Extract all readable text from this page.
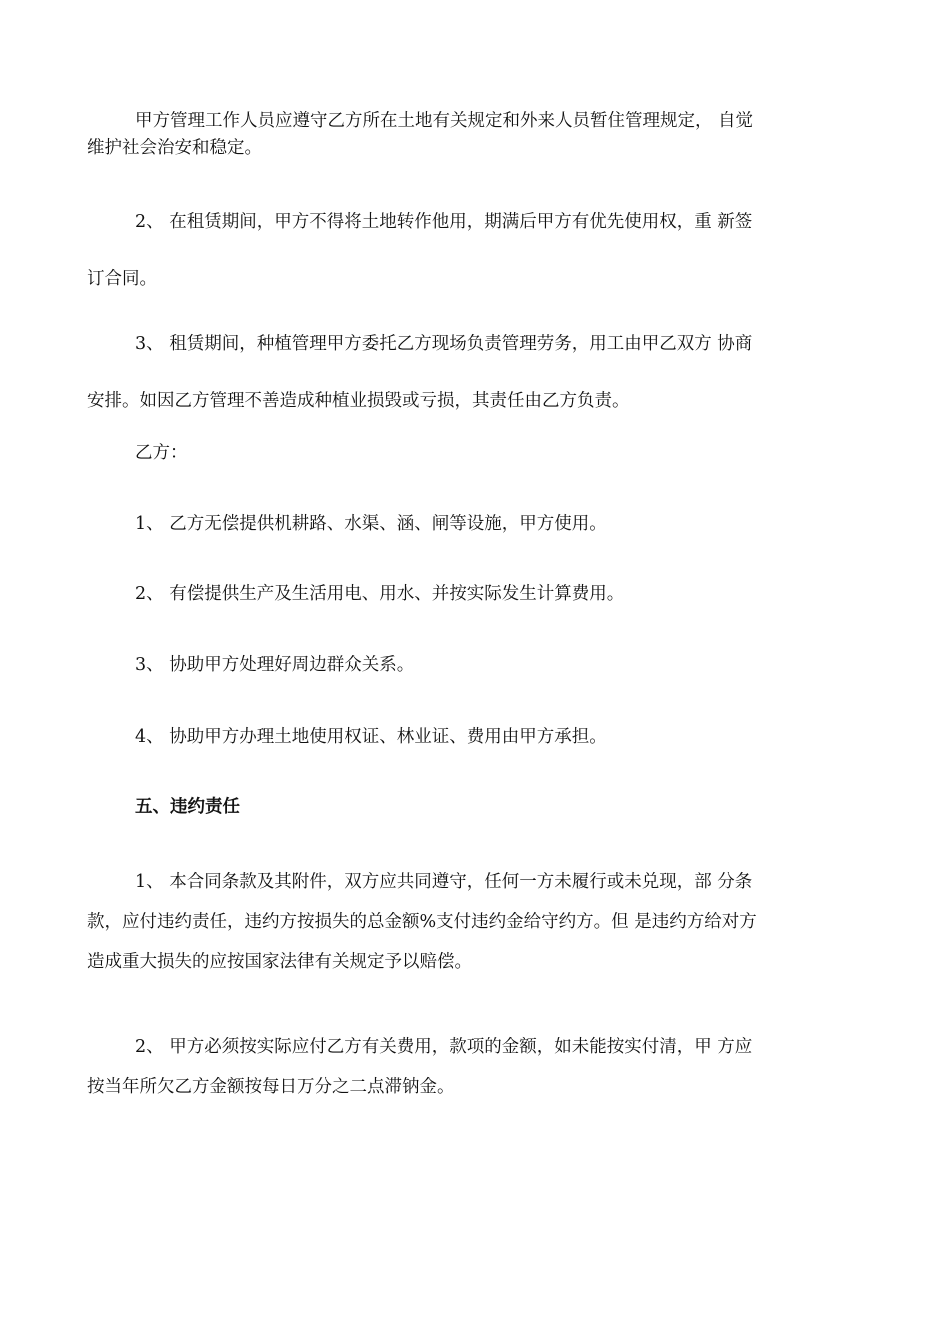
甲方管理工作人员应遵守乙方所在土地有关规定和外来人员暂住管理规定， 自觉
维护社会治安和稳定。
2、 在租赁期间，甲方不得将土地转作他用，期满后甲方有优先使用权，重 新签
订合同。
3、 租赁期间，种植管理甲方委托乙方现场负责管理劳务，用工由甲乙双方 协商
安排。如因乙方管理不善造成种植业损毁或亏损，其责任由乙方负责。
乙方：
1、 乙方无偿提供机耕路、水渠、涵、闸等设施，甲方使用。
2、 有偿提供生产及生活用电、用水、并按实际发生计算费用。
3、 协助甲方处理好周边群众关系。
4、 协助甲方办理土地使用权证、林业证、费用由甲方承担。
五、违约责任
1、 本合同条款及其附件，双方应共同遵守，任何一方未履行或未兑现，部 分条
款，应付违约责任，违约方按损失的总金额%支付违约金给守约方。但 是违约方给对方
造成重大损失的应按国家法律有关规定予以赔偿。
2、 甲方必须按实际应付乙方有关费用，款项的金额，如未能按实付清，甲 方应
按当年所欠乙方金额按每日万分之二点滞钠金。
